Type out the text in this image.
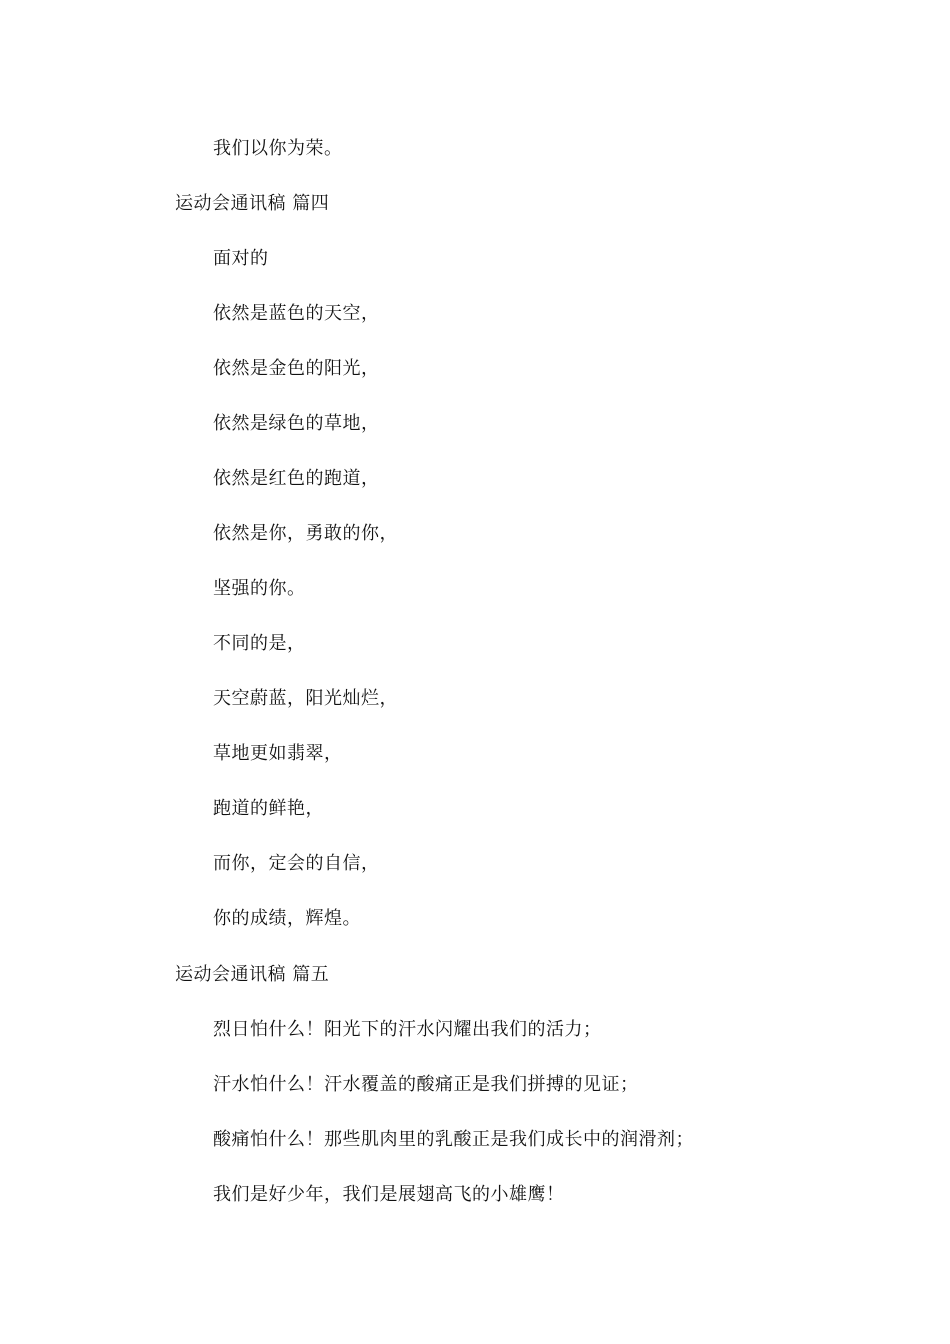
我们以你为荣。
运动会通讯稿 篇四
面对的
依然是蓝色的天空，
依然是金色的阳光，
依然是绿色的草地，
依然是红色的跑道，
依然是你，勇敢的你，
坚强的你。
不同的是，
天空蔚蓝，阳光灿烂，
草地更如翡翠，
跑道的鲜艳，
而你，定会的自信，
你的成绩，辉煌。
运动会通讯稿 篇五
烈日怕什么！阳光下的汗水闪耀出我们的活力；
汗水怕什么！汗水覆盖的酸痛正是我们拼搏的见证；
酸痛怕什么！那些肌肉里的乳酸正是我们成长中的润滑剂；
我们是好少年，我们是展翅高飞的小雄鹰！
